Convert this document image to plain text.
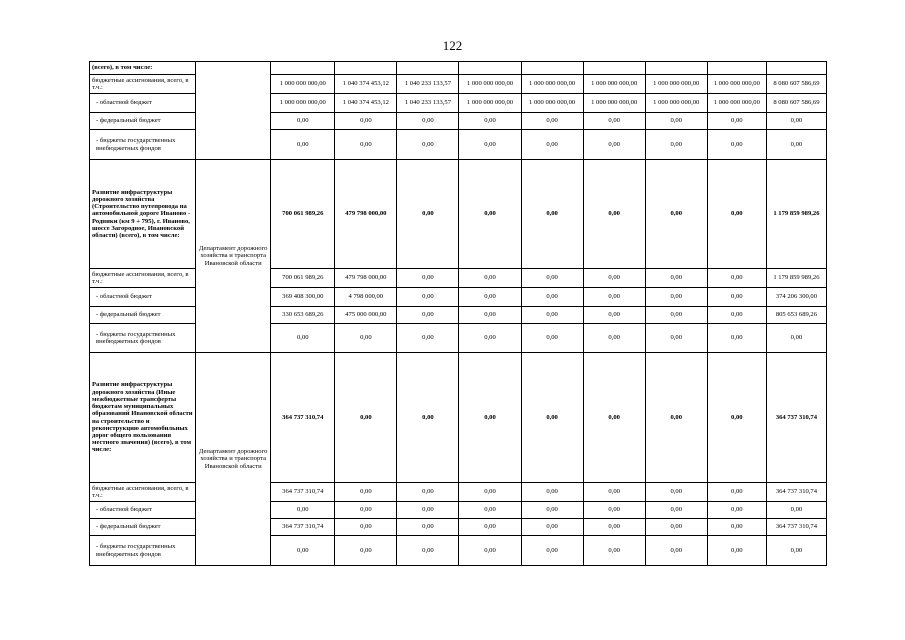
122
(всего), в том числе:										
бюджетные ассигнования, всего, в т.ч.:		1 000 000 000,00	1 040 374 453,12	1 040 233 133,57	1 000 000 000,00	1 000 000 000,00	1 000 000 000,00	1 000 000 000,00	1 000 000 000,00	8 080 607 586,69
- областной бюджет		1 000 000 000,00	1 040 374 453,12	1 040 233 133,57	1 000 000 000,00	1 000 000 000,00	1 000 000 000,00	1 000 000 000,00	1 000 000 000,00	8 080 607 586,69
- федеральный бюджет		0,00	0,00	0,00	0,00	0,00	0,00	0,00	0,00	0,00
- бюджеты государственных внебюджетных фондов		0,00	0,00	0,00	0,00	0,00	0,00	0,00	0,00	0,00
Развитие инфраструктуры дорожного хозяйства (Строительство путепровода на автомобильной дороге Иваново - Родники (км 9 + 795), г. Иваново, шоссе Загородное, Ивановской области) (всего), в том числе:	Департамент дорожного хозяйства и транспорта Ивановской области	700 061 989,26	479 798 000,00	0,00	0,00	0,00	0,00	0,00	0,00	1 179 859 989,26
бюджетные ассигнования, всего, в т.ч.:		700 061 989,26	479 798 000,00	0,00	0,00	0,00	0,00	0,00	0,00	1 179 859 989,26
- областной бюджет		369 408 300,00	4 798 000,00	0,00	0,00	0,00	0,00	0,00	0,00	374 206 300,00
- федеральный бюджет		330 653 689,26	475 000 000,00	0,00	0,00	0,00	0,00	0,00	0,00	805 653 689,26
- бюджеты государственных внебюджетных фондов		0,00	0,00	0,00	0,00	0,00	0,00	0,00	0,00	0,00
Развитие инфраструктуры дорожного хозяйства (Иные межбюджетные трансферты бюджетам муниципальных образований Ивановской области на строительство и реконструкцию автомобильных дорог общего пользования местного значения) (всего), в том числе:	Департамент дорожного хозяйства и транспорта Ивановской области	364 737 310,74	0,00	0,00	0,00	0,00	0,00	0,00	0,00	364 737 310,74
бюджетные ассигнования, всего, в т.ч.:		364 737 310,74	0,00	0,00	0,00	0,00	0,00	0,00	0,00	364 737 310,74
- областной бюджет		0,00	0,00	0,00	0,00	0,00	0,00	0,00	0,00	0,00
- федеральный бюджет		364 737 310,74	0,00	0,00	0,00	0,00	0,00	0,00	0,00	364 737 310,74
- бюджеты государственных внебюджетных фондов		0,00	0,00	0,00	0,00	0,00	0,00	0,00	0,00	0,00
